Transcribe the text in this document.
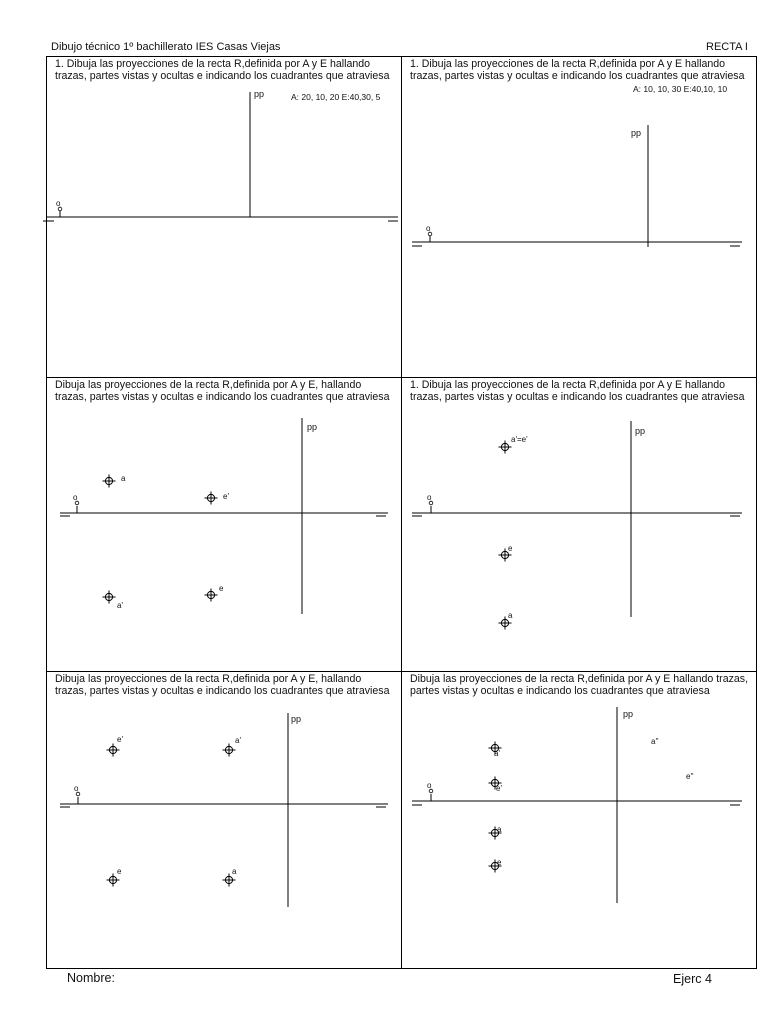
Dibujo técnico 1º bachillerato IES Casas Viejas	RECTA I
1. Dibuja las proyecciones de la recta R,definida por A y E hallando trazas, partes vistas y ocultas e indicando los cuadrantes que atraviesa
A: 20, 10, 20 E:40,30, 5
pp
1. Dibuja las proyecciones de la recta R,definida por A y E hallando trazas, partes vistas y ocultas e indicando los cuadrantes que atraviesa
A: 10, 10, 30 E:40,10, 10
pp
Dibuja las proyecciones de la recta R,definida por A y E, hallando trazas, partes vistas y ocultas e indicando los cuadrantes que atraviesa
pp
1. Dibuja las proyecciones de la recta R,definida por A y E hallando trazas, partes vistas y ocultas e indicando los cuadrantes que atraviesa
pp
Dibuja las proyecciones de la recta R,definida por A y E, hallando trazas, partes vistas y ocultas e indicando los cuadrantes que atraviesa
pp
Dibuja las proyecciones de la recta R,definida por A y E hallando trazas, partes vistas y ocultas e indicando los cuadrantes que atraviesa
pp
o
o
o	o
o	o
a
e'
a'
e
a'=e'
e
a
e'	a'
e	a
a'
e'
a
e
a''
e''
Nombre:	Ejerc 4
